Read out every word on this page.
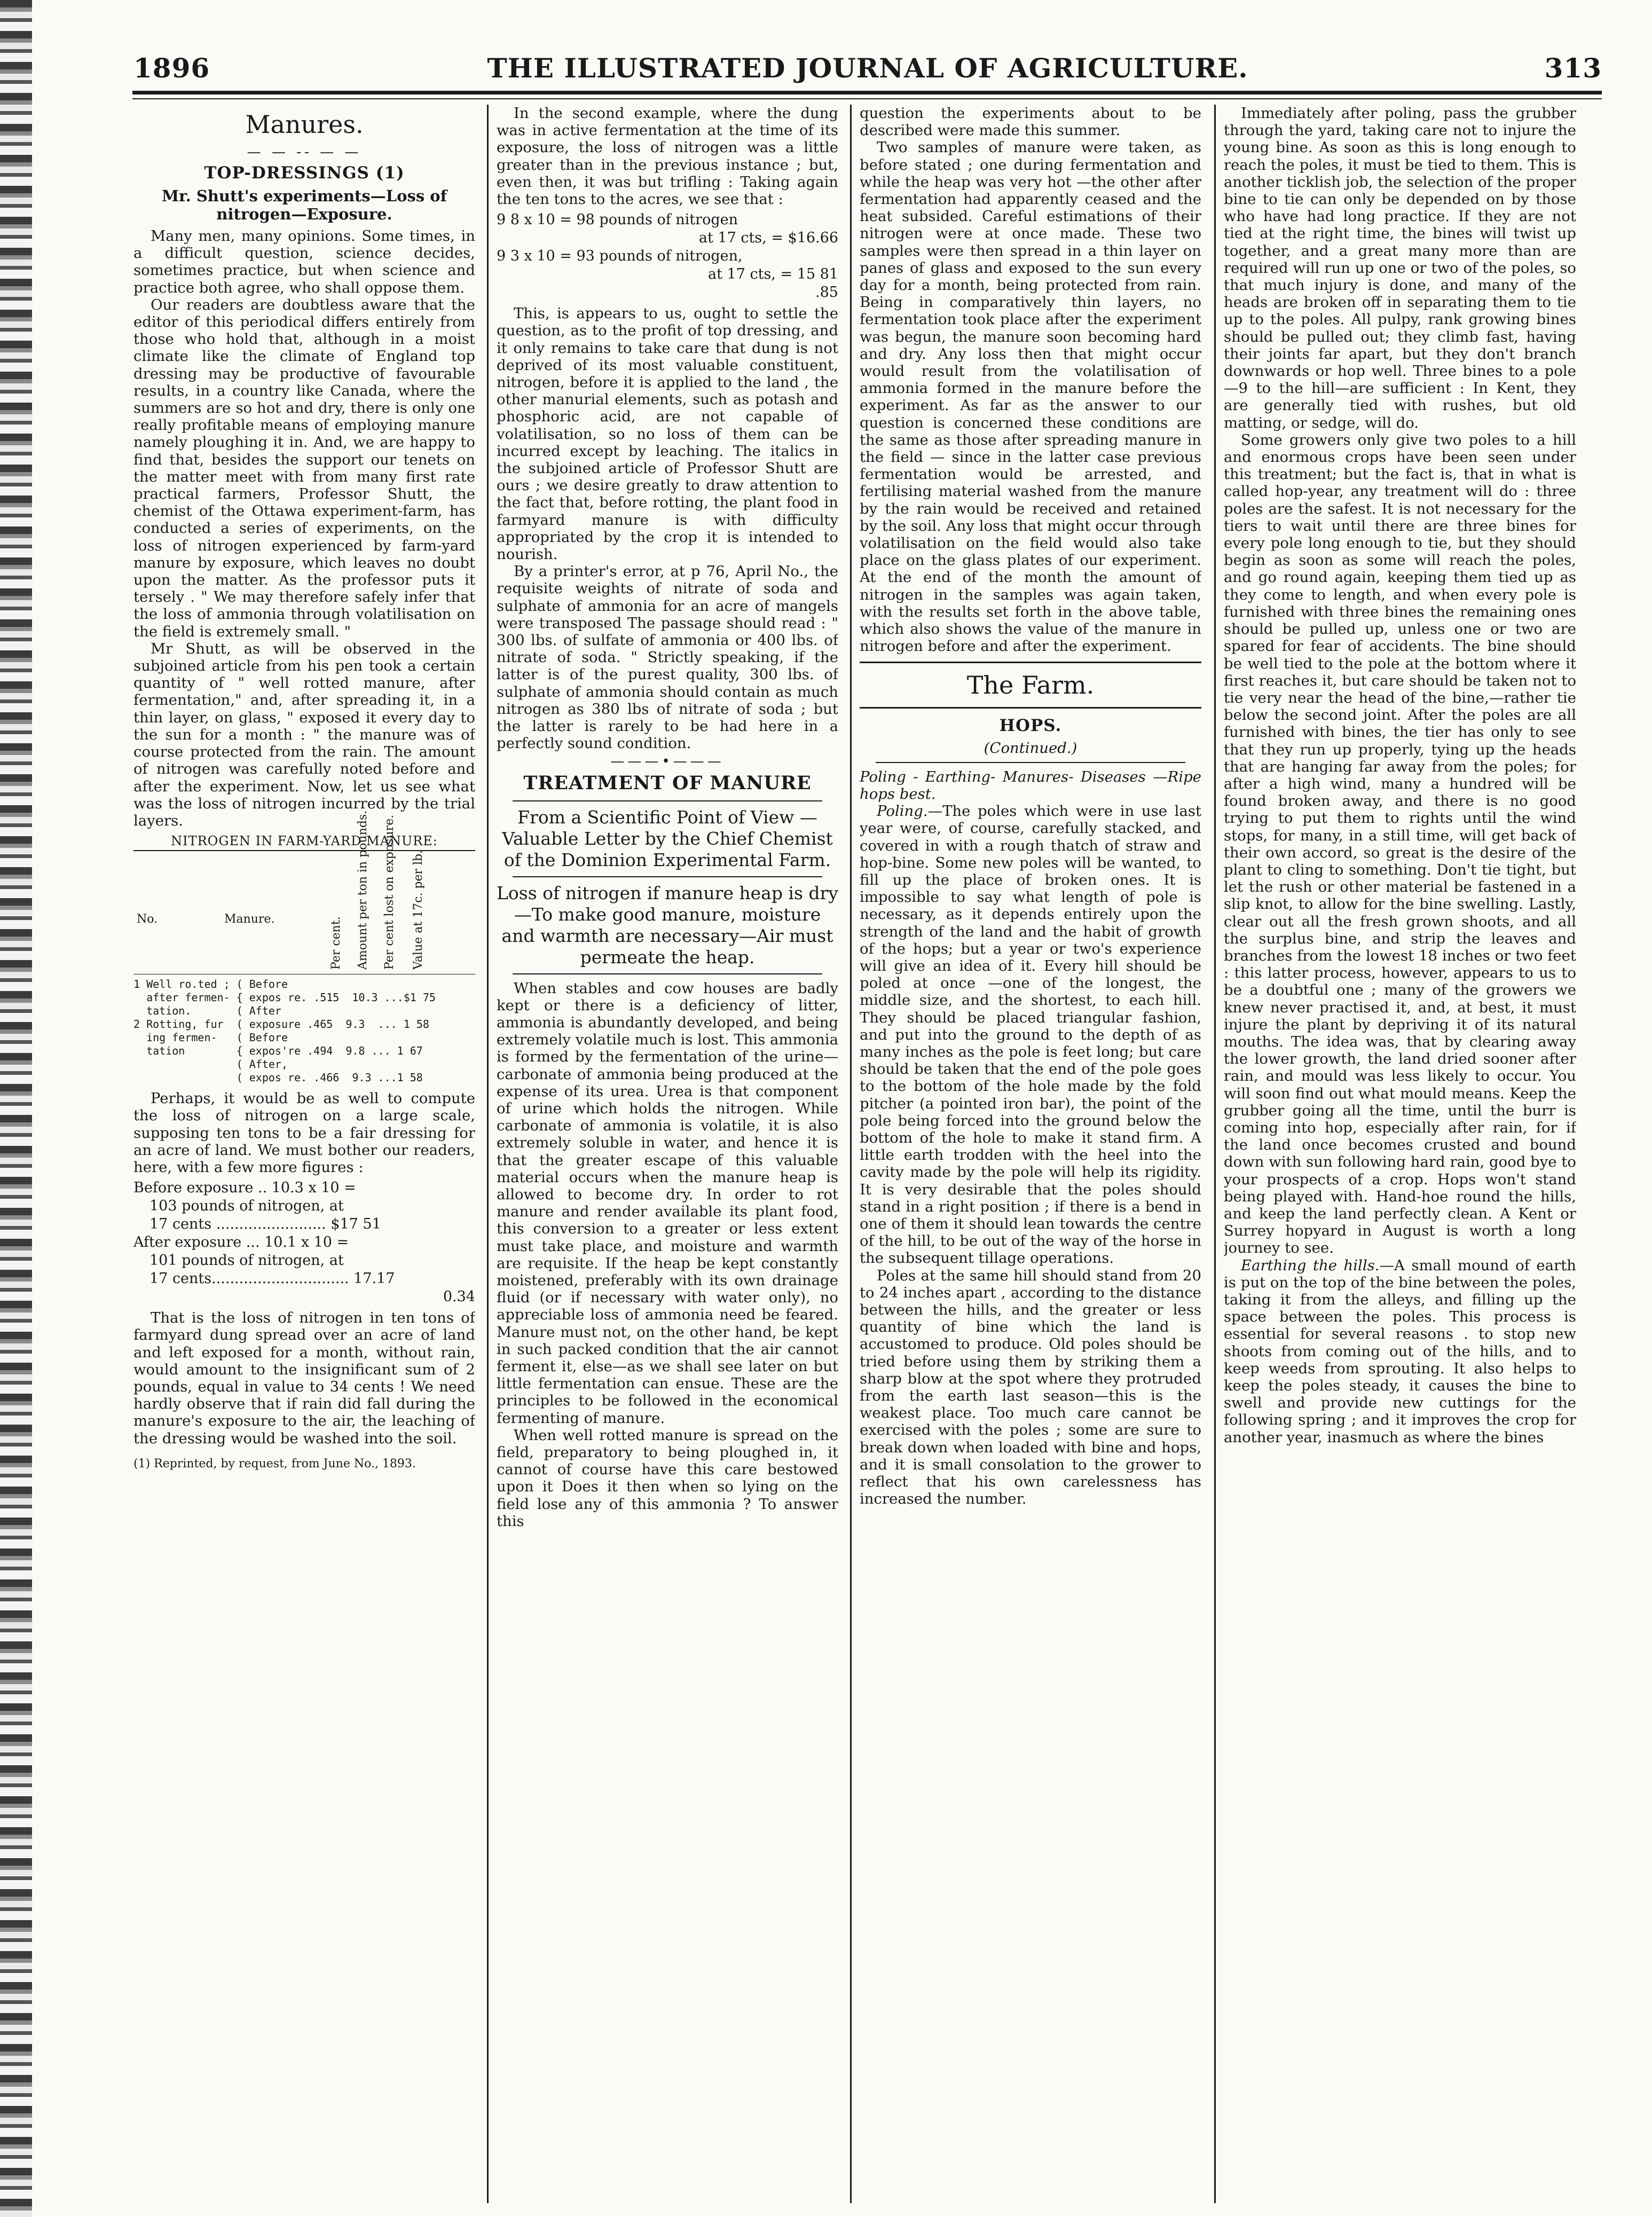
1896	THE ILLUSTRATED JOURNAL OF AGRICULTURE.	313
Manures.
— — -- — —
TOP-DRESSINGS (1)
Mr. Shutt's experiments—Loss of nitrogen—Exposure.

Many men, many opinions. Some times, in a difficult question, science decides, sometimes practice, but when science and practice both agree, who shall oppose them.

Our readers are doubtless aware that the editor of this periodical differs entirely from those who hold that, although in a moist climate like the climate of England top dressing may be productive of favourable results, in a country like Canada, where the summers are so hot and dry, there is only one really profitable means of employing manure namely ploughing it in. And, we are happy to find that, besides the support our tenets on the matter meet with from many first rate practical farmers, Professor Shutt, the chemist of the Ottawa experiment-farm, has conducted a series of experiments, on the loss of nitrogen experienced by farm-yard manure by exposure, which leaves no doubt upon the matter. As the professor puts it tersely . " We may therefore safely infer that the loss of ammonia through volatilisation on the field is extremely small. "

Mr Shutt, as will be observed in the subjoined article from his pen took a certain quantity of " well rotted manure, after fermentation," and, after spreading it, in a thin layer, on glass, " exposed it every day to the sun for a month : " the manure was of course protected from the rain. The amount of nitrogen was carefully noted before and after the experiment. Now, let us see what was the loss of nitrogen incurred by the trial layers.

NITROGEN IN FARM-YARD MANURE:
No.	Manure.	Per cent. Amount per ton in pounds. Per cent lost on exposure. Value at 17c. per lb.
1 Well ro.ted ; ( Before
after fermen- { expos re. .515  10.3 ...$1 75
tation.       ( After
2 Rotting, fur  ( exposure .465  9.3  ... 1 58
ing fermen-   ( Before
tation        { expos're .494  9.8 ... 1 67
( After,
( expos re. .466  9.3 ...1 58

Perhaps, it would be as well to compute the loss of nitrogen on a large scale, supposing ten tons to be a fair dressing for an acre of land. We must bother our readers, here, with a few more figures :

Before exposure .. 10.3 x 10 =
103 pounds of nitrogen, at
17 cents ........................ $17 51
After exposure ... 10.1 x 10 =
101 pounds of nitrogen, at
17 cents.............................. 17.17
0.34

That is the loss of nitrogen in ten tons of farmyard dung spread over an acre of land and left exposed for a month, without rain, would amount to the insignificant sum of 2 pounds, equal in value to 34 cents ! We need hardly observe that if rain did fall during the manure's exposure to the air, the leaching of the dressing would be washed into the soil.

(1) Reprinted, by request, from June No., 1893.

In the second example, where the dung was in active fermentation at the time of its exposure, the loss of nitrogen was a little greater than in the previous instance ; but, even then, it was but trifling : Taking again the ten tons to the acres, we see that :

9 8 x 10 = 98 pounds of nitrogen
at 17 cts, = $16.66
9 3 x 10 = 93 pounds of nitrogen,
at 17 cts, = 15 81
.85

This, is appears to us, ought to settle the question, as to the profit of top dressing, and it only remains to take care that dung is not deprived of its most valuable constituent, nitrogen, before it is applied to the land , the other manurial elements, such as potash and phosphoric acid, are not capable of volatilisation, so no loss of them can be incurred except by leaching. The italics in the subjoined article of Professor Shutt are ours ; we desire greatly to draw attention to the fact that, before rotting, the plant food in farmyard manure is with difficulty appropriated by the crop it is intended to nourish.

By a printer's error, at p 76, April No., the requisite weights of nitrate of soda and sulphate of ammonia for an acre of mangels were transposed The passage should read : " 300 lbs. of sulfate of ammonia or 400 lbs. of nitrate of soda. " Strictly speaking, if the latter is of the purest quality, 300 lbs. of sulphate of ammonia should contain as much nitrogen as 380 lbs of nitrate of soda ; but the latter is rarely to be had here in a perfectly sound condition.

———•———
TREATMENT OF MANURE
From a Scientific Point of View — Valuable Letter by the Chief Chemist of the Dominion Experimental Farm.
Loss of nitrogen if manure heap is dry —To make good manure, moisture and warmth are necessary—Air must permeate the heap.

When stables and cow houses are badly kept or there is a deficiency of litter, ammonia is abundantly developed, and being extremely volatile much is lost. This ammonia is formed by the fermentation of the urine—carbonate of ammonia being produced at the expense of its urea. Urea is that component of urine which holds the nitrogen. While carbonate of ammonia is volatile, it is also extremely soluble in water, and hence it is that the greater escape of this valuable material occurs when the manure heap is allowed to become dry. In order to rot manure and render available its plant food, this conversion to a greater or less extent must take place, and moisture and warmth are requisite. If the heap be kept constantly moistened, preferably with its own drainage fluid (or if necessary with water only), no appreciable loss of ammonia need be feared. Manure must not, on the other hand, be kept in such packed condition that the air cannot ferment it, else—as we shall see later on but little fermentation can ensue. These are the principles to be followed in the economical fermenting of manure.

When well rotted manure is spread on the field, preparatory to being ploughed in, it cannot of course have this care bestowed upon it Does it then when so lying on the field lose any of this ammonia ? To answer this

question the experiments about to be described were made this summer.

Two samples of manure were taken, as before stated ; one during fermentation and while the heap was very hot —the other after fermentation had apparently ceased and the heat subsided. Careful estimations of their nitrogen were at once made. These two samples were then spread in a thin layer on panes of glass and exposed to the sun every day for a month, being protected from rain. Being in comparatively thin layers, no fermentation took place after the experiment was begun, the manure soon becoming hard and dry. Any loss then that might occur would result from the volatilisation of ammonia formed in the manure before the experiment. As far as the answer to our question is concerned these conditions are the same as those after spreading manure in the field — since in the latter case previous fermentation would be arrested, and fertilising material washed from the manure by the rain would be received and retained by the soil. Any loss that might occur through volatilisation on the field would also take place on the glass plates of our experiment. At the end of the month the amount of nitrogen in the samples was again taken, with the results set forth in the above table, which also shows the value of the manure in nitrogen before and after the experiment.

The Farm.
HOPS.
(Continued.)

Poling - Earthing- Manures- Diseases —Ripe hops best.

Poling.—The poles which were in use last year were, of course, carefully stacked, and covered in with a rough thatch of straw and hop-bine. Some new poles will be wanted, to fill up the place of broken ones. It is impossible to say what length of pole is necessary, as it depends entirely upon the strength of the land and the habit of growth of the hops; but a year or two's experience will give an idea of it. Every hill should be poled at once —one of the longest, the middle size, and the shortest, to each hill. They should be placed triangular fashion, and put into the ground to the depth of as many inches as the pole is feet long; but care should be taken that the end of the pole goes to the bottom of the hole made by the fold pitcher (a pointed iron bar), the point of the pole being forced into the ground below the bottom of the hole to make it stand firm. A little earth trodden with the heel into the cavity made by the pole will help its rigidity. It is very desirable that the poles should stand in a right position ; if there is a bend in one of them it should lean towards the centre of the hill, to be out of the way of the horse in the subsequent tillage operations.

Poles at the same hill should stand from 20 to 24 inches apart , according to the distance between the hills, and the greater or less quantity of bine which the land is accustomed to produce. Old poles should be tried before using them by striking them a sharp blow at the spot where they protruded from the earth last season—this is the weakest place. Too much care cannot be exercised with the poles ; some are sure to break down when loaded with bine and hops, and it is small consolation to the grower to reflect that his own carelessness has increased the number.

Immediately after poling, pass the grubber through the yard, taking care not to injure the young bine. As soon as this is long enough to reach the poles, it must be tied to them. This is another ticklish job, the selection of the proper bine to tie can only be depended on by those who have had long practice. If they are not tied at the right time, the bines will twist up together, and a great many more than are required will run up one or two of the poles, so that much injury is done, and many of the heads are broken off in separating them to tie up to the poles. All pulpy, rank growing bines should be pulled out; they climb fast, having their joints far apart, but they don't branch downwards or hop well. Three bines to a pole—9 to the hill—are sufficient : In Kent, they are generally tied with rushes, but old matting, or sedge, will do.

Some growers only give two poles to a hill and enormous crops have been seen under this treatment; but the fact is, that in what is called hop-year, any treatment will do : three poles are the safest. It is not necessary for the tiers to wait until there are three bines for every pole long enough to tie, but they should begin as soon as some will reach the poles, and go round again, keeping them tied up as they come to length, and when every pole is furnished with three bines the remaining ones should be pulled up, unless one or two are spared for fear of accidents. The bine should be well tied to the pole at the bottom where it first reaches it, but care should be taken not to tie very near the head of the bine,—rather tie below the second joint. After the poles are all furnished with bines, the tier has only to see that they run up properly, tying up the heads that are hanging far away from the poles; for after a high wind, many a hundred will be found broken away, and there is no good trying to put them to rights until the wind stops, for many, in a still time, will get back of their own accord, so great is the desire of the plant to cling to something. Don't tie tight, but let the rush or other material be fastened in a slip knot, to allow for the bine swelling. Lastly, clear out all the fresh grown shoots, and all the surplus bine, and strip the leaves and branches from the lowest 18 inches or two feet : this latter process, however, appears to us to be a doubtful one ; many of the growers we knew never practised it, and, at best, it must injure the plant by depriving it of its natural mouths. The idea was, that by clearing away the lower growth, the land dried sooner after rain, and mould was less likely to occur. You will soon find out what mould means. Keep the grubber going all the time, until the burr is coming into hop, especially after rain, for if the land once becomes crusted and bound down with sun following hard rain, good bye to your prospects of a crop. Hops won't stand being played with. Hand-hoe round the hills, and keep the land perfectly clean. A Kent or Surrey hopyard in August is worth a long journey to see.

Earthing the hills.—A small mound of earth is put on the top of the bine between the poles, taking it from the alleys, and filling up the space between the poles. This process is essential for several reasons . to stop new shoots from coming out of the hills, and to keep weeds from sprouting. It also helps to keep the poles steady, it causes the bine to swell and provide new cuttings for the following spring ; and it improves the crop for another year, inasmuch as where the bines
